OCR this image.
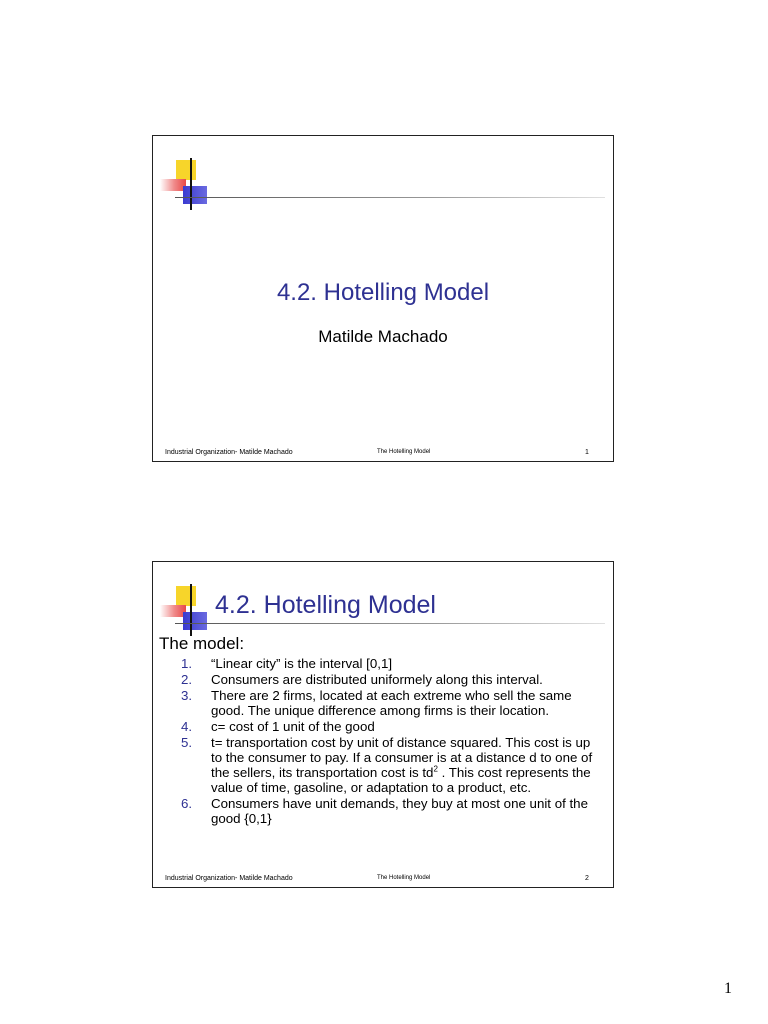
4.2. Hotelling Model
Matilde Machado
Industrial Organization- Matilde Machado	The Hotelling Model	1
4.2. Hotelling Model
The model:
1. “Linear city” is the interval [0,1]
2. Consumers are distributed uniformely along this interval.
3. There are 2 firms, located at each extreme who sell the same good. The unique difference among firms is their location.
4. c= cost of 1 unit of the good
5. t= transportation cost by unit of distance squared. This cost is up to the consumer to pay. If a consumer is at a distance d to one of the sellers, its transportation cost is $td^2$ . This cost represents the value of time, gasoline, or adaptation to a product, etc.
6. Consumers have unit demands, they buy at most one unit of the good {0,1}
Industrial Organization- Matilde Machado	The Hotelling Model	2
1
